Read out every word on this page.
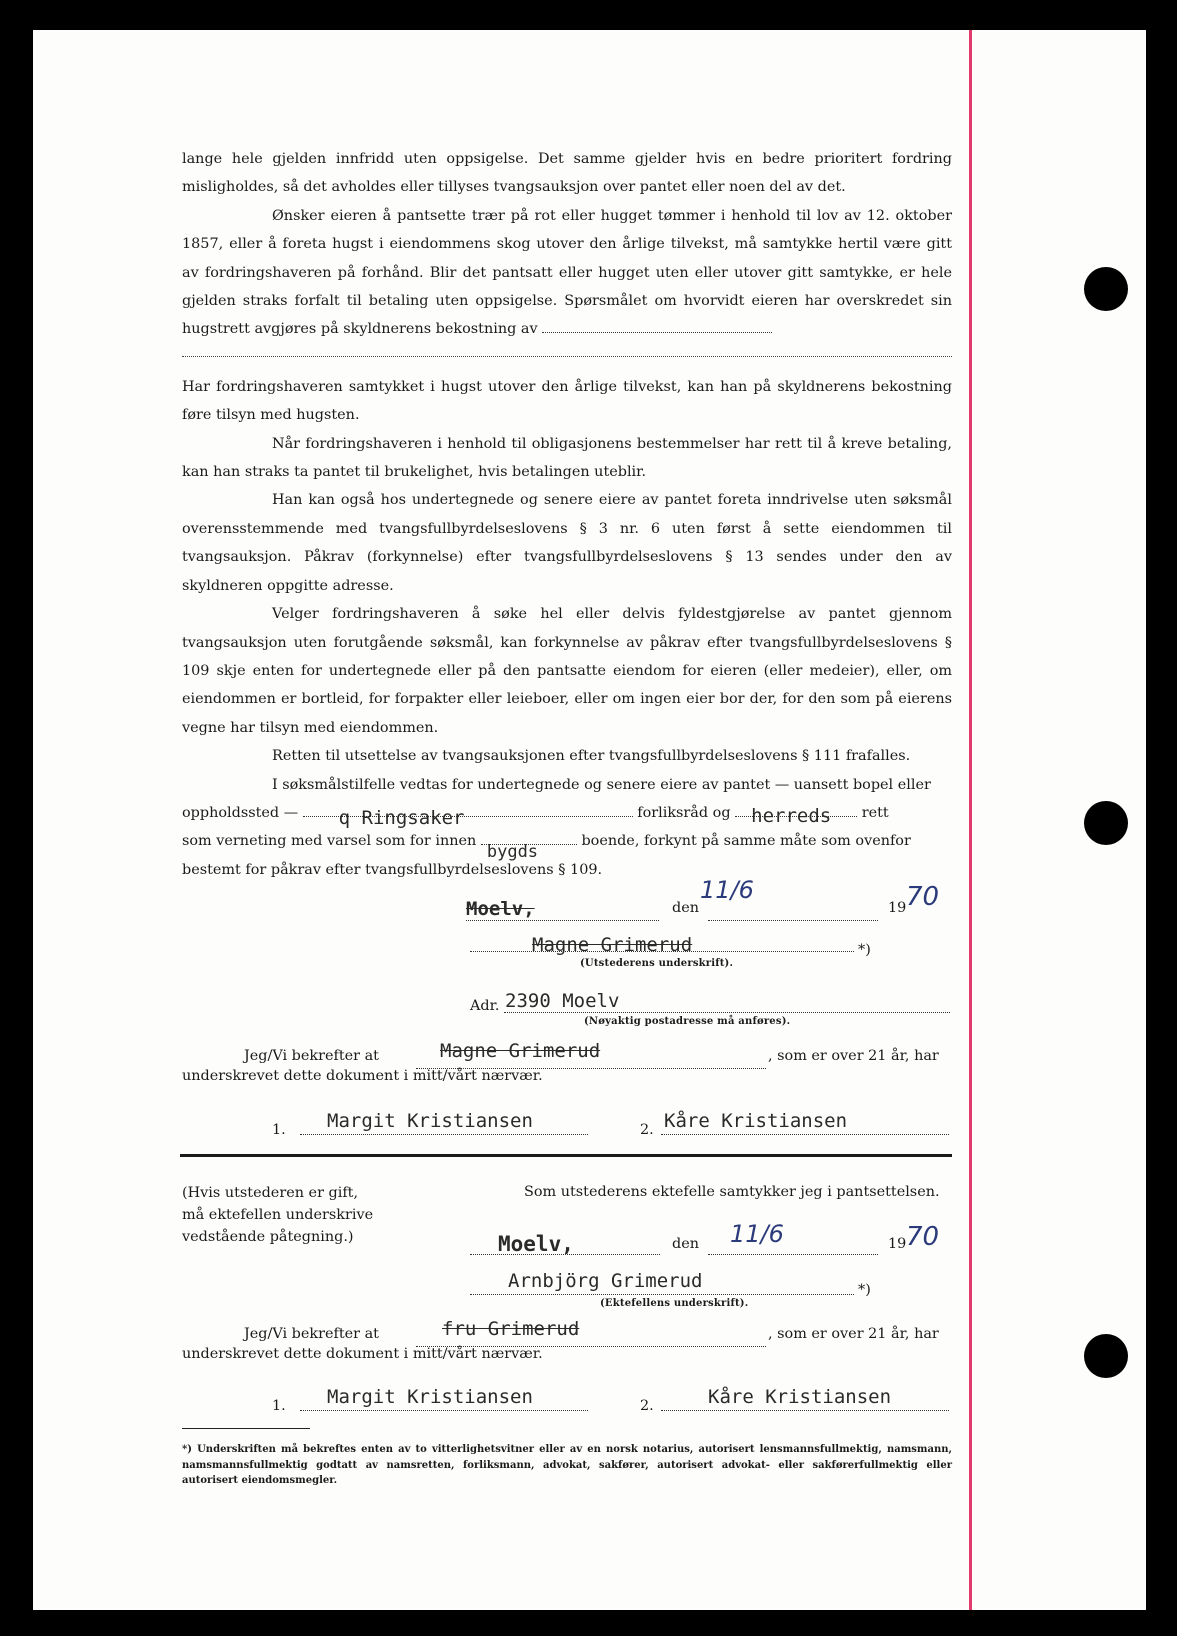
lange hele gjelden innfridd uten oppsigelse. Det samme gjelder hvis en bedre prioritert fordring misligholdes, så det avholdes eller tillyses tvangsauksjon over pantet eller noen del av det.

Ønsker eieren å pantsette trær på rot eller hugget tømmer i henhold til lov av 12. oktober 1857, eller å foreta hugst i eiendommens skog utover den årlige tilvekst, må samtykke hertil være gitt av fordringshaveren på forhånd. Blir det pantsatt eller hugget uten eller utover gitt samtykke, er hele gjelden straks forfalt til betaling uten oppsigelse. Spørsmålet om hvorvidt eieren har overskredet sin hugstrett avgjøres på skyldnerens bekostning av

Har fordringshaveren samtykket i hugst utover den årlige tilvekst, kan han på skyldnerens bekostning føre tilsyn med hugsten.

Når fordringshaveren i henhold til obligasjonens bestemmelser har rett til å kreve betaling, kan han straks ta pantet til brukelighet, hvis betalingen uteblir.

Han kan også hos undertegnede og senere eiere av pantet foreta inndrivelse uten søksmål overensstemmende med tvangsfullbyrdelseslovens § 3 nr. 6 uten først å sette eiendommen til tvangsauksjon. Påkrav (forkynnelse) efter tvangsfullbyrdelseslovens § 13 sendes under den av skyldneren oppgitte adresse.

Velger fordringshaveren å søke hel eller delvis fyldestgjørelse av pantet gjennom tvangsauksjon uten forutgående søksmål, kan forkynnelse av påkrav efter tvangsfullbyrdelseslovens § 109 skje enten for undertegnede eller på den pantsatte eiendom for eieren (eller medeier), eller, om eiendommen er bortleid, for forpakter eller leieboer, eller om ingen eier bor der, for den som på eierens vegne har tilsyn med eiendommen.

Retten til utsettelse av tvangsauksjonen efter tvangsfullbyrdelseslovens § 111 frafalles.

I søksmålstilfelle vedtas for undertegnede og senere eiere av pantet — uansett bopel eller

oppholdssted — q Ringsaker	forliksråd og herreds rett

som verneting med varsel som for innen
bygds
boende, forkynt på samme måte som ovenfor

bestemt for påkrav efter tvangsfullbyrdelseslovens § 109.

Moelv,	den
11/6
19 70
Magne Grimerud	*)
(Utstederens underskrift).
Adr. 2390 Moelv
(Nøyaktig postadresse må anføres).
Jeg/Vi bekrefter at	Magne Grimerud	, som er over 21 år, har
underskrevet dette dokument i mitt/vårt nærvær.
1. Margit Kristiansen	2. Kåre Kristiansen
(Hvis utstederen er gift, må ektefellen underskrive vedstående påtegning.)
Som utstederens ektefelle samtykker jeg i pantsettelsen.
Moelv,	den 11/6	19 70
Arnbjörg Grimerud	*)
(Ektefellens underskrift).
Jeg/Vi bekrefter at	fru Grimerud	, som er over 21 år, har
underskrevet dette dokument i mitt/vårt nærvær.
1. Margit Kristiansen	2.	Kåre Kristiansen
*) Underskriften må bekreftes enten av to vitterlighetsvitner eller av en norsk notarius, autorisert lensmannsfullmektig, namsmann, namsmannsfullmektig godtatt av namsretten, forliksmann, advokat, sakfører, autorisert advokat- eller sakførerfullmektig eller autorisert eiendomsmegler.
